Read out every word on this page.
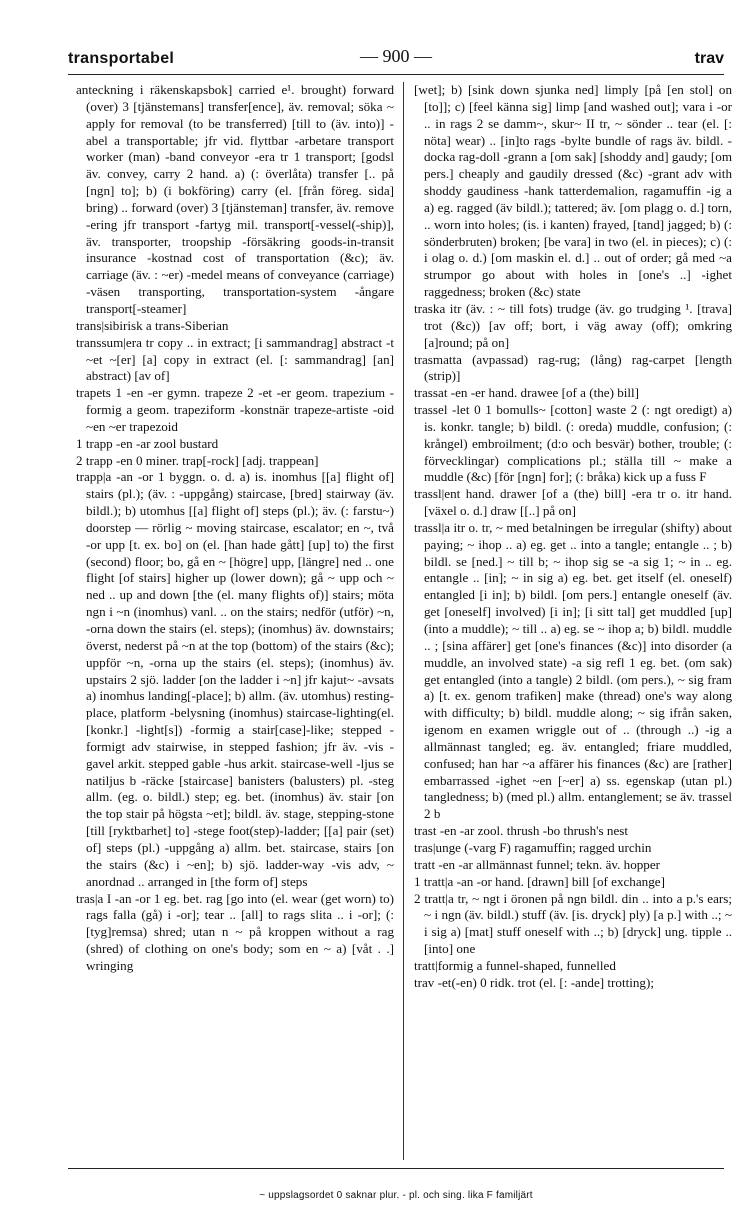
transportabel	— 900 —	trav

anteckning i räkenskapsbok] carried e¹. brought) forward (over) 3 [tjänstemans] transfer[ence], äv. removal; söka ~ apply for removal (to be transferred) [till to (äv. into)] -abel a transportable; jfr vid. flyttbar -arbetare transport worker (man) -band conveyor -era tr 1 transport; [godsl äv. convey, carry 2 hand. a) (: överlåta) transfer [.. på [ngn] to]; b) (i bokföring) carry (el. [från föreg. sida] bring) .. forward (over) 3 [tjänsteman] transfer, äv. remove -ering jfr transport -fartyg mil. transport[-vessel(-ship)], äv. transporter, troopship -försäkring goods-in-transit insurance -kostnad cost of transportation (&c); äv. carriage (äv. : ~er) -medel means of conveyance (carriage) -väsen transporting, transportation-system -ångare transport[-steamer]

trans|sibirisk a trans-Siberian

transsum|era tr copy .. in extract; [i sammandrag] abstract -t ~et ~[er] [a] copy in extract (el. [: sammandrag] [an] abstract) [av of]

trapets 1 -en -er gymn. trapeze 2 -et -er geom. trapezium -formig a geom. trapeziform -konstnär trapeze-artiste -oid ~en ~er trapezoid

1 trapp -en -ar zool bustard

2 trapp -en 0 miner. trap[-rock] [adj. trappean]

trapp|a -an -or 1 byggn. o. d. a) is. inomhus [[a] flight of] stairs (pl.); (äv. : -uppgång) staircase, [bred] stairway (äv. bildl.); b) utomhus [[a] flight of] steps (pl.); äv. (: farstu~) doorstep — rörlig ~ moving staircase, escalator; en ~, två -or upp [t. ex. bo] on (el. [han hade gått] [up] to) the first (second) floor; bo, gå en ~ [högre] upp, [längre] ned .. one flight [of stairs] higher up (lower down); gå ~ upp och ~ ned .. up and down [the (el. many flights of)] stairs; möta ngn i ~n (inomhus) vanl. .. on the stairs; nedför (utför) ~n, -orna down the stairs (el. steps); (inomhus) äv. downstairs; överst, nederst på ~n at the top (bottom) of the stairs (&c); uppför ~n, -orna up the stairs (el. steps); (inomhus) äv. upstairs 2 sjö. ladder [on the ladder i ~n] jfr kajut~ -avsats a) inomhus landing[-place]; b) allm. (äv. utomhus) resting-place, platform -belysning (inomhus) staircase-lighting(el. [konkr.] -light[s]) -formig a stair[case]-like; stepped -formigt adv stairwise, in stepped fashion; jfr äv. -vis -gavel arkit. stepped gable -hus arkit. staircase-well -ljus se natiljus b -räcke [staircase] banisters (balusters) pl. -steg allm. (eg. o. bildl.) step; eg. bet. (inomhus) äv. stair [on the top stair på högsta ~et]; bildl. äv. stage, stepping-stone [till [ryktbarhet] to] -stege foot(step)-ladder; [[a] pair (set) of] steps (pl.) -uppgång a) allm. bet. staircase, stairs [on the stairs (&c) i ~en]; b) sjö. ladder-way -vis adv, ~ anordnad .. arranged in [the form of] steps

tras|a I -an -or 1 eg. bet. rag [go into (el. wear (get worn) to) rags falla (gå) i -or]; tear .. [all] to rags slita .. i -or]; (: [tyg]remsa) shred; utan n ~ på kroppen without a rag (shred) of clothing on one's body; som en ~ a) [våt . .] wringing

[wet]; b) [sink down sjunka ned] limply [på [en stol] on [to]]; c) [feel känna sig] limp [and washed out]; vara i -or .. in rags 2 se damm~, skur~ II tr, ~ sönder .. tear (el. [: nöta] wear) .. [in]to rags -bylte bundle of rags äv. bildl. -docka rag-doll -grann a [om sak] [shoddy and] gaudy; [om pers.] cheaply and gaudily dressed (&c) -grant adv with shoddy gaudiness -hank tatterdemalion, ragamuffin -ig a a) eg. ragged (äv bildl.); tattered; äv. [om plagg o. d.] torn, .. worn into holes; (is. i kanten) frayed, [tand] jagged; b) (: sönderbruten) broken; [be vara] in two (el. in pieces); c) (: i olag o. d.) [om maskin el. d.] .. out of order; gå med ~a strumpor go about with holes in [one's ..] -ighet raggedness; broken (&c) state

traska itr (äv. : ~ till fots) trudge (äv. go trudging ¹. [trava] trot (&c)) [av off; bort, i väg away (off); omkring [a]round; på on]

trasmatta (avpassad) rag-rug; (lång) rag-carpet [length (strip)]

trassat -en -er hand. drawee [of a (the) bill]

trassel -let 0 1 bomulls~ [cotton] waste 2 (: ngt oredigt) a) is. konkr. tangle; b) bildl. (: oreda) muddle, confusion; (: krångel) embroilment; (d:o och besvär) bother, trouble; (: förvecklingar) complications pl.; ställa till ~ make a muddle (&c) [för [ngn] for]; (: bråka) kick up a fuss F

trassl|ent hand. drawer [of a (the) bill] -era tr o. itr hand. [växel o. d.] draw [[..] på on]

trassl|a itr o. tr, ~ med betalningen be irregular (shifty) about paying; ~ ihop .. a) eg. get .. into a tangle; entangle .. ; b) bildl. se [ned.] ~ till b; ~ ihop sig se -a sig 1; ~ in .. eg. entangle .. [in]; ~ in sig a) eg. bet. get itself (el. oneself) entangled [i in]; b) bildl. [om pers.] entangle oneself (äv. get [oneself] involved) [i in]; [i sitt tal] get muddled [up] (into a muddle); ~ till .. a) eg. se ~ ihop a; b) bildl. muddle .. ; [sina affärer] get [one's finances (&c)] into disorder (a muddle, an involved state) -a sig refl 1 eg. bet. (om sak) get entangled (into a tangle) 2 bildl. (om pers.), ~ sig fram a) [t. ex. genom trafiken] make (thread) one's way along with difficulty; b) bildl. muddle along; ~ sig ifrån saken, igenom en examen wriggle out of .. (through ..) -ig a allmännast tangled; eg. äv. entangled; friare muddled, confused; han har ~a affärer his finances (&c) are [rather] embarrassed -ighet ~en [~er] a) ss. egenskap (utan pl.) tangledness; b) (med pl.) allm. entanglement; se äv. trassel 2 b

trast -en -ar zool. thrush -bo thrush's nest

tras|unge (-varg F) ragamuffin; ragged urchin

tratt -en -ar allmännast funnel; tekn. äv. hopper

1 tratt|a -an -or hand. [drawn] bill [of exchange]

2 tratt|a tr, ~ ngt i öronen på ngn bildl. din .. into a p.'s ears; ~ i ngn (äv. bildl.) stuff (äv. [is. dryck] ply) [a p.] with ..; ~ i sig a) [mat] stuff oneself with ..; b) [dryck] ung. tipple .. [into] one

tratt|formig a funnel-shaped, funnelled

trav -et(-en) 0 ridk. trot (el. [: -ande] trotting);

~ uppslagsordet 0 saknar plur. - pl. och sing. lika F familjärt
